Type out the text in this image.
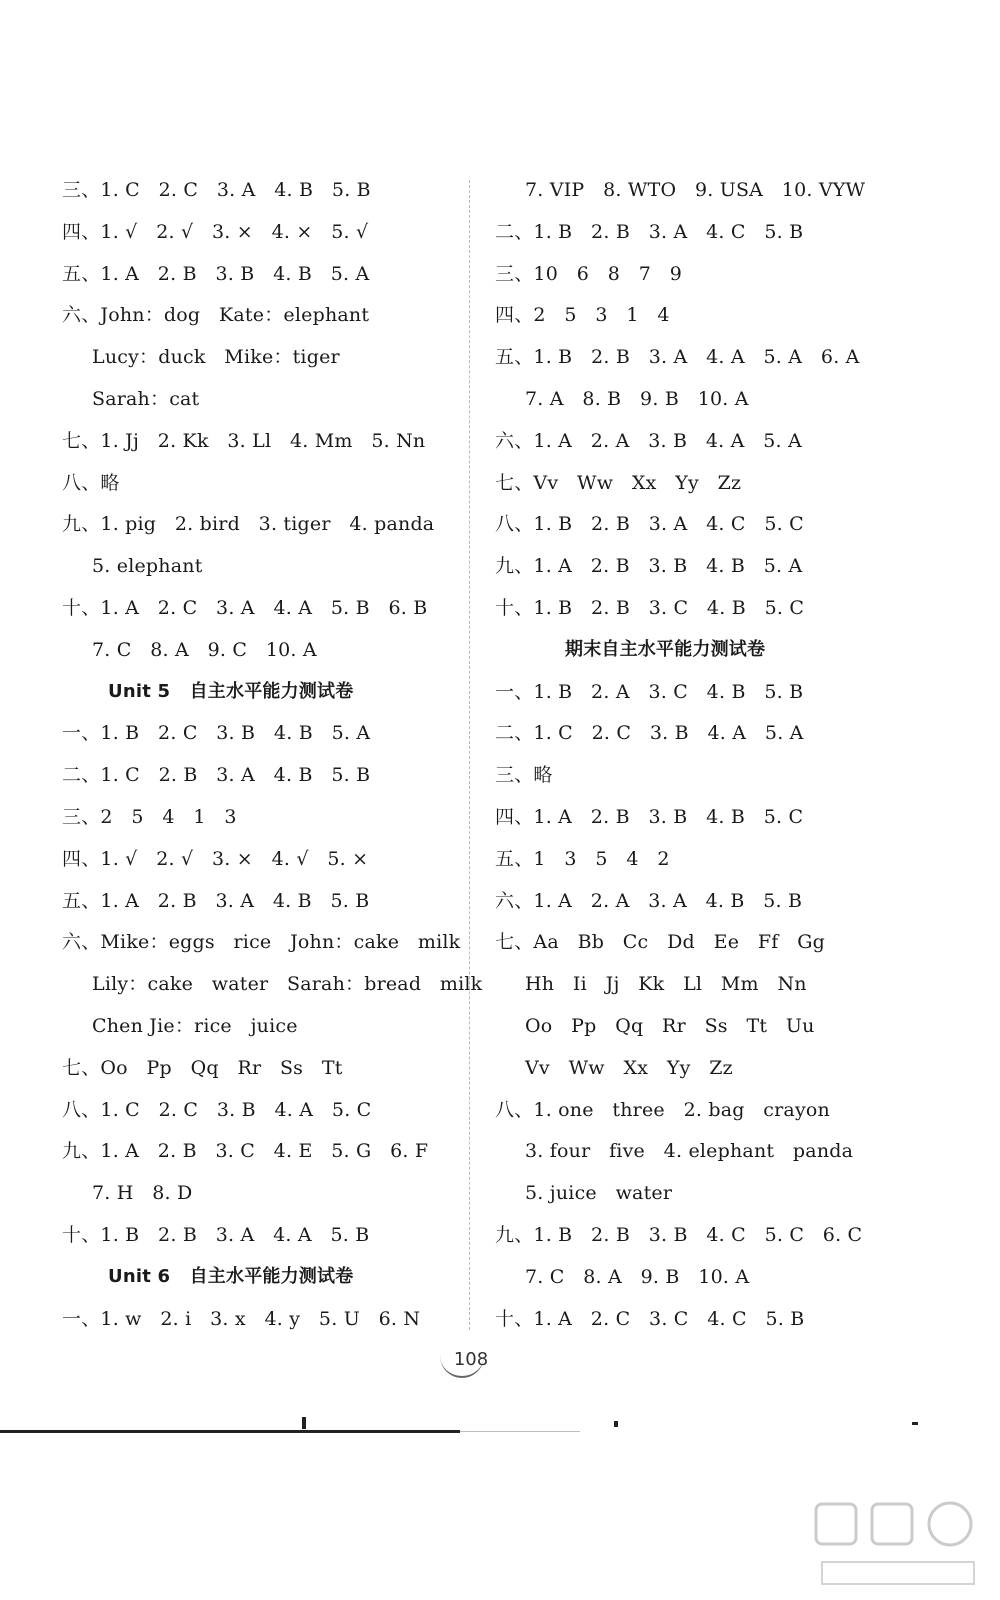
三、1. C   2. C   3. A   4. B   5. B
四、1. √   2. √   3. ×   4. ×   5. √
五、1. A   2. B   3. B   4. B   5. A
六、John：dog   Kate：elephant
Lucy：duck   Mike：tiger
Sarah：cat
七、1. Jj   2. Kk   3. Ll   4. Mm   5. Nn
八、略
九、1. pig   2. bird   3. tiger   4. panda
5. elephant
十、1. A   2. C   3. A   4. A   5. B   6. B
7. C   8. A   9. C   10. A
Unit 5   自主水平能力测试卷
一、1. B   2. C   3. B   4. B   5. A
二、1. C   2. B   3. A   4. B   5. B
三、2   5   4   1   3
四、1. √   2. √   3. ×   4. √   5. ×
五、1. A   2. B   3. A   4. B   5. B
六、Mike：eggs   rice   John：cake   milk
Lily：cake   water   Sarah：bread   milk
Chen Jie：rice   juice
七、Oo   Pp   Qq   Rr   Ss   Tt
八、1. C   2. C   3. B   4. A   5. C
九、1. A   2. B   3. C   4. E   5. G   6. F
7. H   8. D
十、1. B   2. B   3. A   4. A   5. B
Unit 6   自主水平能力测试卷
一、1. w   2. i   3. x   4. y   5. U   6. N
7. VIP   8. WTO   9. USA   10. VYW
二、1. B   2. B   3. A   4. C   5. B
三、10   6   8   7   9
四、2   5   3   1   4
五、1. B   2. B   3. A   4. A   5. A   6. A
7. A   8. B   9. B   10. A
六、1. A   2. A   3. B   4. A   5. A
七、Vv   Ww   Xx   Yy   Zz
八、1. B   2. B   3. A   4. C   5. C
九、1. A   2. B   3. B   4. B   5. A
十、1. B   2. B   3. C   4. B   5. C
期末自主水平能力测试卷
一、1. B   2. A   3. C   4. B   5. B
二、1. C   2. C   3. B   4. A   5. A
三、略
四、1. A   2. B   3. B   4. B   5. C
五、1   3   5   4   2
六、1. A   2. A   3. A   4. B   5. B
七、Aa   Bb   Cc   Dd   Ee   Ff   Gg
Hh   Ii   Jj   Kk   Ll   Mm   Nn
Oo   Pp   Qq   Rr   Ss   Tt   Uu
Vv   Ww   Xx   Yy   Zz
八、1. one   three   2. bag   crayon
3. four   five   4. elephant   panda
5. juice   water
九、1. B   2. B   3. B   4. C   5. C   6. C
7. C   8. A   9. B   10. A
十、1. A   2. C   3. C   4. C   5. B
108
